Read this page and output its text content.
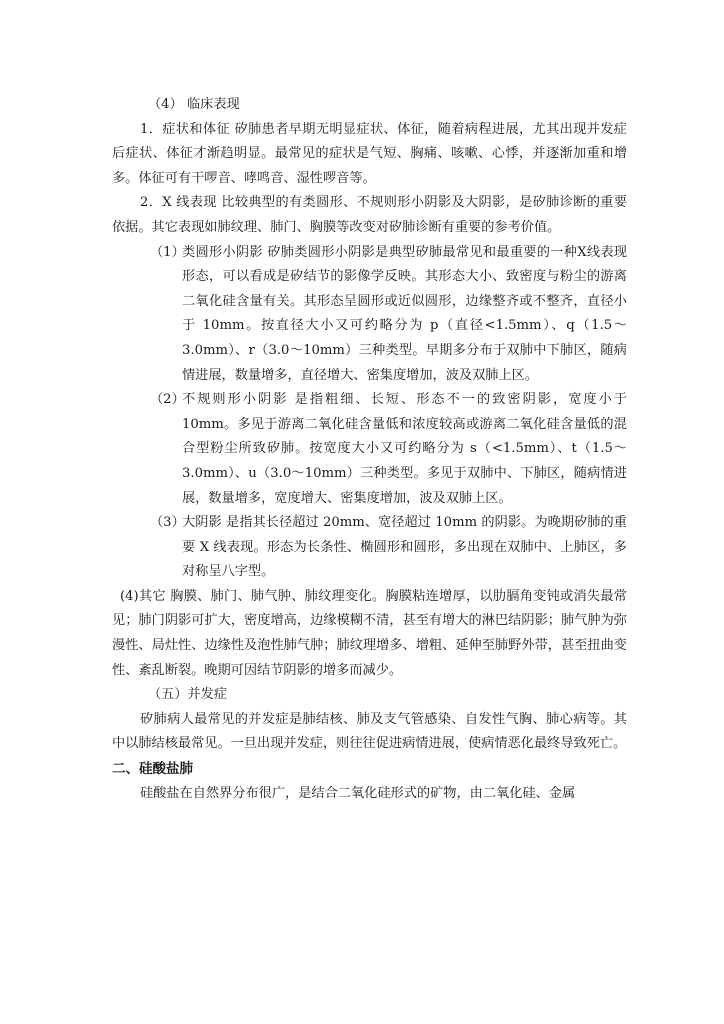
（4） 临床表现

1．症状和体征 矽肺患者早期无明显症状、体征，随着病程进展，尤其出现并发症后症状、体征才渐趋明显。最常见的症状是气短、胸痛、咳嗽、心悸，并逐渐加重和增多。体征可有干啰音、哮鸣音、湿性啰音等。

2．X 线表现 比较典型的有类圆形、不规则形小阴影及大阴影，是矽肺诊断的重要依据。其它表现如肺纹理、肺门、胸膜等改变对矽肺诊断有重要的参考价值。

（1）

类圆形小阴影 矽肺类圆形小阴影是典型矽肺最常见和最重要的一种X线表现形态，可以看成是矽结节的影像学反映。其形态大小、致密度与粉尘的游离二氧化硅含量有关。其形态呈圆形或近似圆形，边缘整齐或不整齐，直径小于 10mm。按直径大小又可约略分为 p（直径<1.5mm）、q（1.5～3.0mm）、r（3.0～10mm）三种类型。早期多分布于双肺中下肺区，随病情进展，数量增多，直径增大、密集度增加，波及双肺上区。

（2）

不规则形小阴影 是指粗细、长短、形态不一的致密阴影，宽度小于 10mm。多见于游离二氧化硅含量低和浓度较高或游离二氧化硅含量低的混合型粉尘所致矽肺。按宽度大小又可约略分为 s（<1.5mm）、t（1.5～3.0mm）、u（3.0～10mm）三种类型。多见于双肺中、下肺区，随病情进展，数量增多，宽度增大、密集度增加，波及双肺上区。

（3）

大阴影 是指其长径超过 20mm、宽径超过 10mm 的阴影。为晚期矽肺的重要 X 线表现。形态为长条性、椭圆形和圆形，多出现在双肺中、上肺区，多对称呈八字型。

(4)其它 胸膜、肺门、肺气肿、肺纹理变化。胸膜粘连增厚，以肋膈角变钝或消失最常见；肺门阴影可扩大，密度增高，边缘模糊不清，甚至有增大的淋巴结阴影；肺气肿为弥漫性、局灶性、边缘性及泡性肺气肿；肺纹理增多、增粗、延伸至肺野外带，甚至扭曲变性、紊乱断裂。晚期可因结节阴影的增多而减少。

（五）并发症

矽肺病人最常见的并发症是肺结核、肺及支气管感染、自发性气胸、肺心病等。其中以肺结核最常见。一旦出现并发症，则往往促进病情进展，使病情恶化最终导致死亡。

二、硅酸盐肺

硅酸盐在自然界分布很广，是结合二氧化硅形式的矿物，由二氧化硅、金属
